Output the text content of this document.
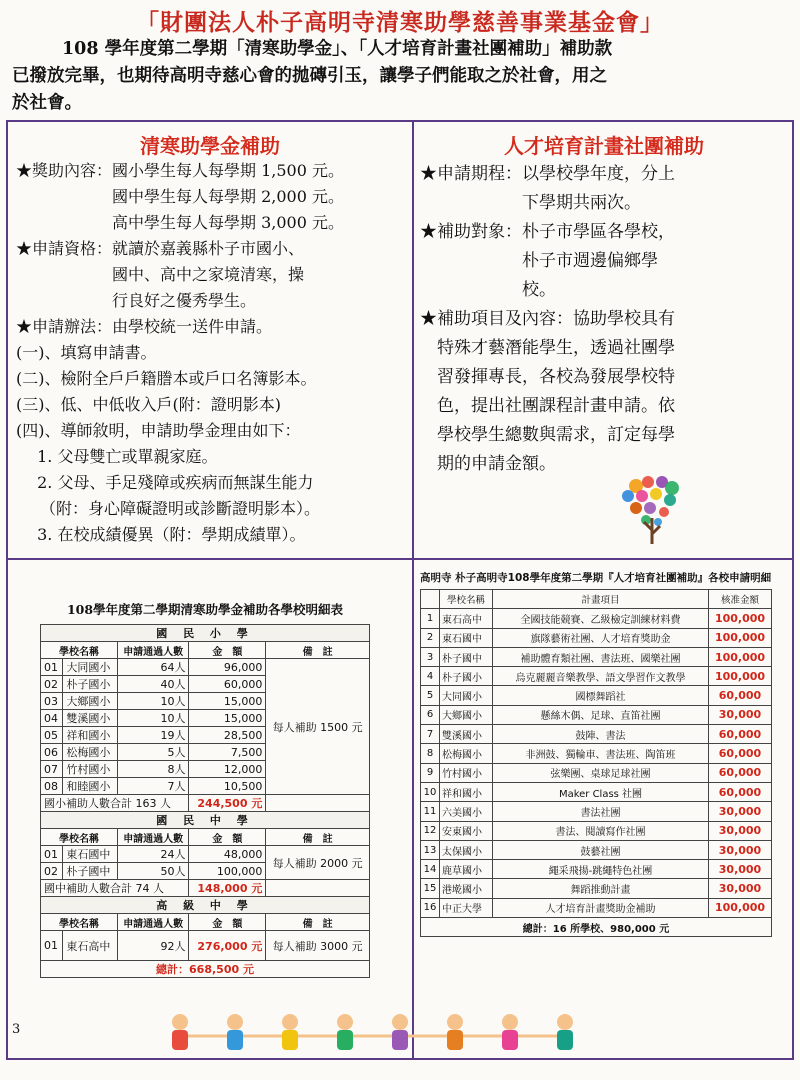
「財團法人朴子高明寺清寒助學慈善事業基金會」
108 學年度第二學期「清寒助學金」、「人才培育計畫社團補助」補助款
已撥放完畢，也期待高明寺慈心會的拋磚引玉，讓學子們能取之於社會，用之
於社會。
清寒助學金補助	人才培育計畫社團補助
★獎助內容：國小學生每人每學期 1,500 元。
　　　　　　國中學生每人每學期 2,000 元。
　　　　　　高中學生每人每學期 3,000 元。
★申請資格：就讀於嘉義縣朴子市國小、
　　　　　　國中、高中之家境清寒，操
　　　　　　行良好之優秀學生。
★申請辦法：由學校統一送件申請。
(一)、填寫申請書。
(二)、檢附全戶戶籍謄本或戶口名簿影本。
(三)、低、中低收入戶(附：證明影本)
(四)、導師敘明，申請助學金理由如下：
　 1. 父母雙亡或單親家庭。
　 2. 父母、手足殘障或疾病而無謀生能力
　　（附：身心障礙證明或診斷證明影本）。
　 3. 在校成績優異（附：學期成績單）。
★申請期程：以學校學年度，分上
　　　　　　下學期共兩次。
★補助對象：朴子市學區各學校，
　　　　　　朴子市週邊偏鄉學
　　　　　　校。
★補助項目及內容：協助學校具有
　特殊才藝潛能學生，透過社團學
　習發揮專長，各校為發展學校特
　色，提出社團課程計畫申請。依
　學校學生總數與需求，訂定每學
　期的申請金額。
108學年度第二學期清寒助學金補助各學校明細表
國 民 小 學				
學校名稱		申請通過人數	金　額	備　註
01	大同國小	64人	96,000	每人補助 1500 元
02	朴子國小	40人	60,000	
03	大鄉國小	10人	15,000	
04	雙溪國小	10人	15,000	
05	祥和國小	19人	28,500	
06	松梅國小	5人	7,500	
07	竹村國小	8人	12,000	
08	和睦國小	7人	10,500	
國小補助人數合計 163 人			244,500 元	
國 民 中 學				
學校名稱		申請通過人數	金　額	備　註
01	東石國中	24人	48,000	每人補助 2000 元
02	朴子國中	50人	100,000	
國中補助人數合計 74 人			148,000 元	
高 級 中 學				
學校名稱		申請通過人數	金　額	備　註
01	東石高中	92人	276,000 元	每人補助 3000 元
總計：668,500 元				
高明寺 朴子高明寺108學年度第二學期『人才培育社團補助』各校申請明細
	學校名稱	計畫項目	核准金額
1	東石高中	全國技能競賽、乙級檢定訓練材料費	100,000
2	東石國中	旗隊藝術社團、人才培育獎助金	100,000
3	朴子國中	補助體育類社團、書法班、國樂社團	100,000
4	朴子國小	烏克麗麗音樂教學、語文學習作文教學	100,000
5	大同國小	國標舞蹈社	60,000
6	大鄉國小	懸絲木偶、足球、直笛社團	30,000
7	雙溪國小	鼓陣、書法	60,000
8	松梅國小	非洲鼓、獨輪車、書法班、陶笛班	60,000
9	竹村國小	弦樂團、桌球足球社團	60,000
10	祥和國小	Maker Class 社團	60,000
11	六美國小	書法社團	30,000
12	安東國小	書法、閱讀寫作社團	30,000
13	太保國小	鼓藝社團	30,000
14	鹿草國小	繩采飛揚-跳繩特色社團	30,000
15	港墘國小	舞蹈推動計畫	30,000
16	中正大學	人才培育計畫獎助金補助	100,000
總計：16 所學校、980,000 元			
3
